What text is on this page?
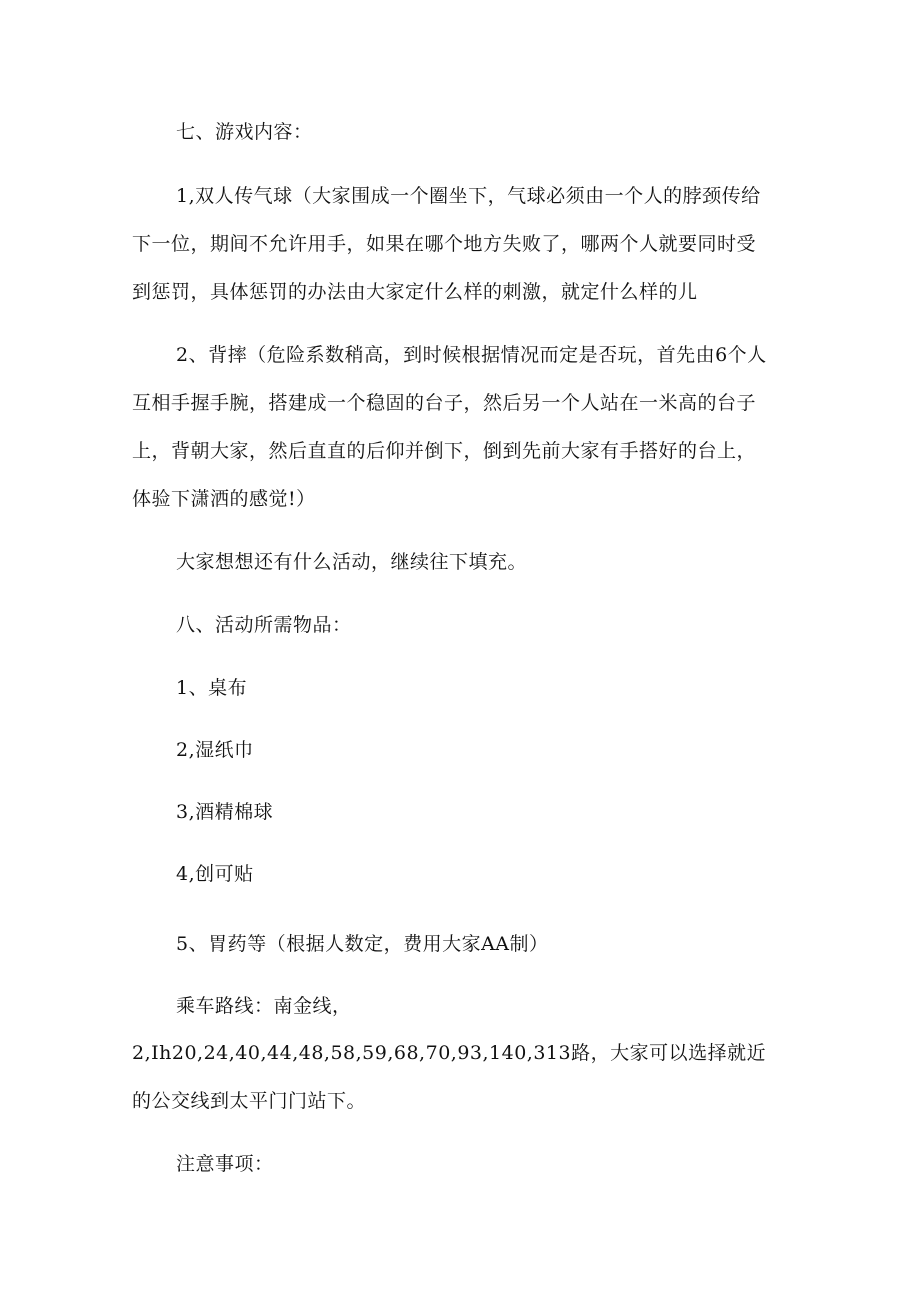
七、游戏内容：
1,双人传气球（大家围成一个圈坐下，气球必须由一个人的脖颈传给
下一位，期间不允许用手，如果在哪个地方失败了，哪两个人就要同时受
到惩罚，具体惩罚的办法由大家定什么样的刺激，就定什么样的儿
2、背摔（危险系数稍高，到时候根据情况而定是否玩，首先由6个人
互相手握手腕，搭建成一个稳固的台子，然后另一个人站在一米高的台子
上，背朝大家，然后直直的后仰并倒下，倒到先前大家有手搭好的台上，
体验下潇洒的感觉!）
大家想想还有什么活动，继续往下填充。
八、活动所需物品：
1、桌布
2,湿纸巾
3,酒精棉球
4,创可贴
5、胃药等（根据人数定，费用大家AA制）
乘车路线：南金线，
2,Ih20,24,40,44,48,58,59,68,70,93,140,313路，大家可以选择就近
的公交线到太平门门站下。
注意事项：
